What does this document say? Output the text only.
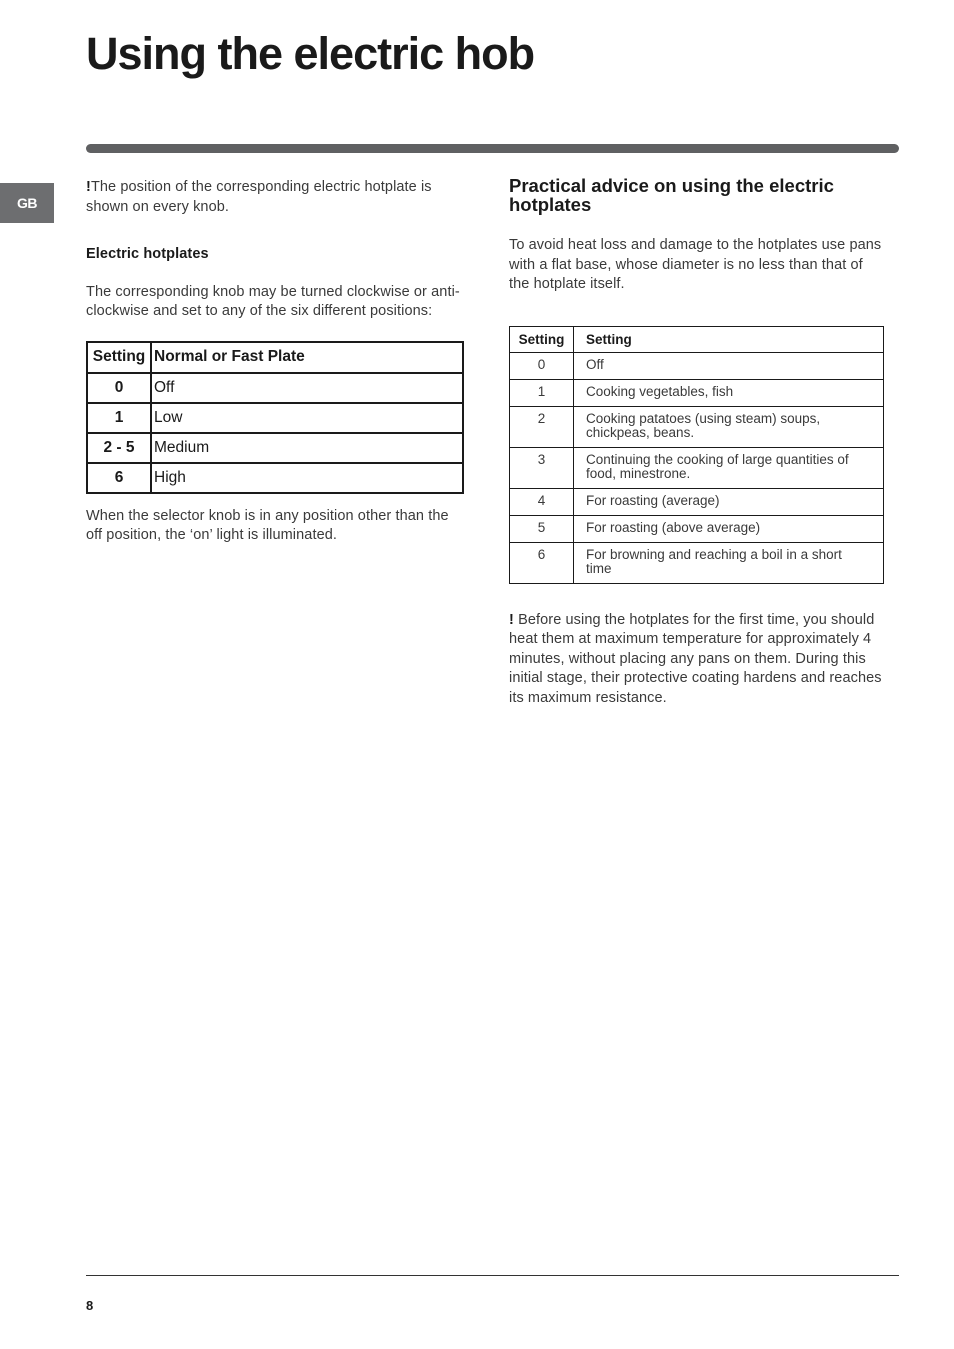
Using the electric hob
GB

!The position of the corresponding electric hotplate is shown on every knob.

Electric hotplates

The corresponding knob may be turned clockwise or anti-clockwise and set to any of the six different positions:

Setting	Normal or Fast Plate
0	Off
1	Low
2 - 5	Medium
6	High

When the selector knob is in any position other than the off position, the ‘on’ light is illuminated.

Practical advice on using the electric hotplates

To avoid heat loss and damage to the hotplates use pans with a flat base, whose diameter is no less than that of the hotplate itself.

Setting	Setting
0	Off
1	Cooking vegetables, fish
2	Cooking patatoes (using steam) soups, chickpeas, beans.
3	Continuing the cooking of large quantities of food, minestrone.
4	For roasting (average)
5	For roasting (above average)
6	For browning and reaching a boil in a short time

! Before using the hotplates for the first time, you should heat them at maximum temperature for approximately 4 minutes, without placing any pans on them. During this initial stage, their protective coating hardens and reaches its maximum resistance.

8
